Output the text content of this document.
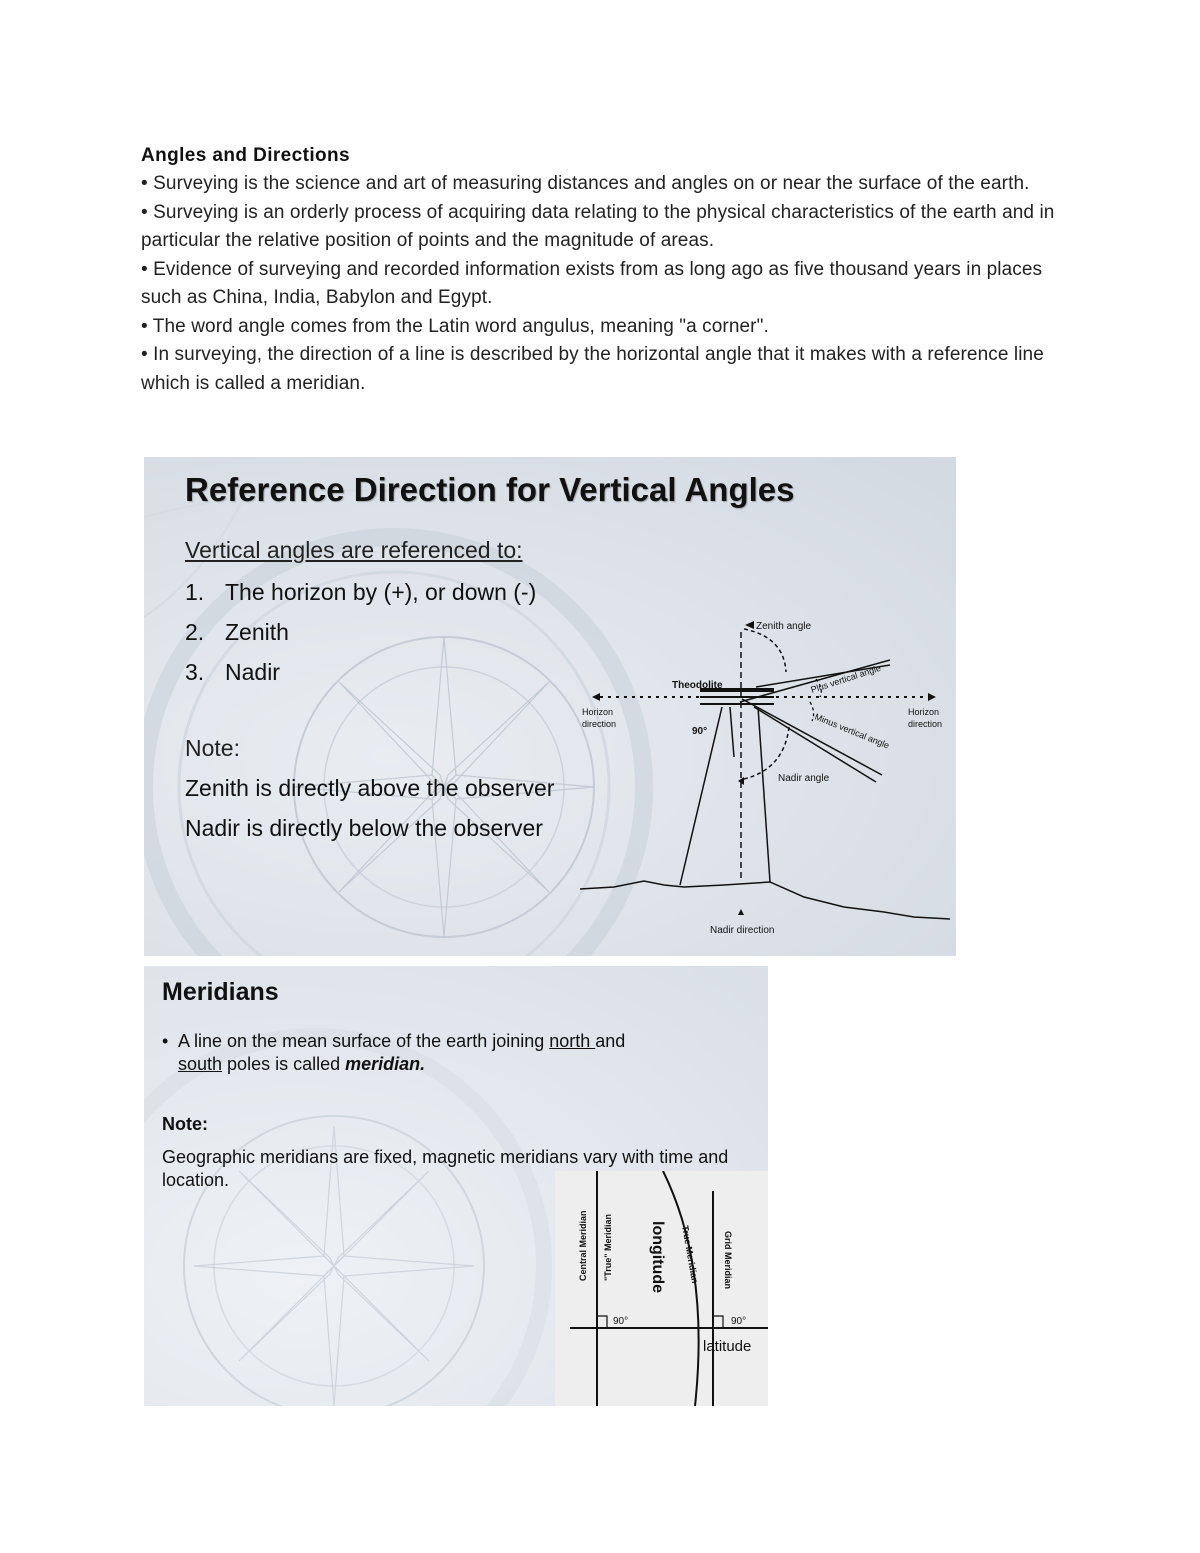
Angles and Directions

• Surveying is the science and art of measuring distances and angles on or near the surface of the earth.

• Surveying is an orderly process of acquiring data relating to the physical characteristics of the earth and in particular the relative position of points and the magnitude of areas.

• Evidence of surveying and recorded information exists from as long ago as five thousand years in places such as China, India, Babylon and Egypt.

• The word angle comes from the Latin word angulus, meaning "a corner".

• In surveying, the direction of a line is described by the horizontal angle that it makes with a reference line which is called a meridian.

Reference Direction for Vertical Angles

Vertical angles are referenced to:

1. The horizon by (+), or down (-)
2. Zenith
3. Nadir

Note:

Zenith is directly above the observer

Nadir is directly below the observer

Zenith angle
Plus vertical angle
Minus vertical angle
Theodolite
Horizon
direction
Horizon
direction
90°
Nadir angle
Nadir direction

Meridians

• A line on the mean surface of the earth joining north and
south poles is called meridian.

Note:

Geographic meridians are fixed, magnetic meridians vary with time and location.

Central Meridian "True" Meridian longitude True Meridian	Grid Meridian
90°	90°
latitude
